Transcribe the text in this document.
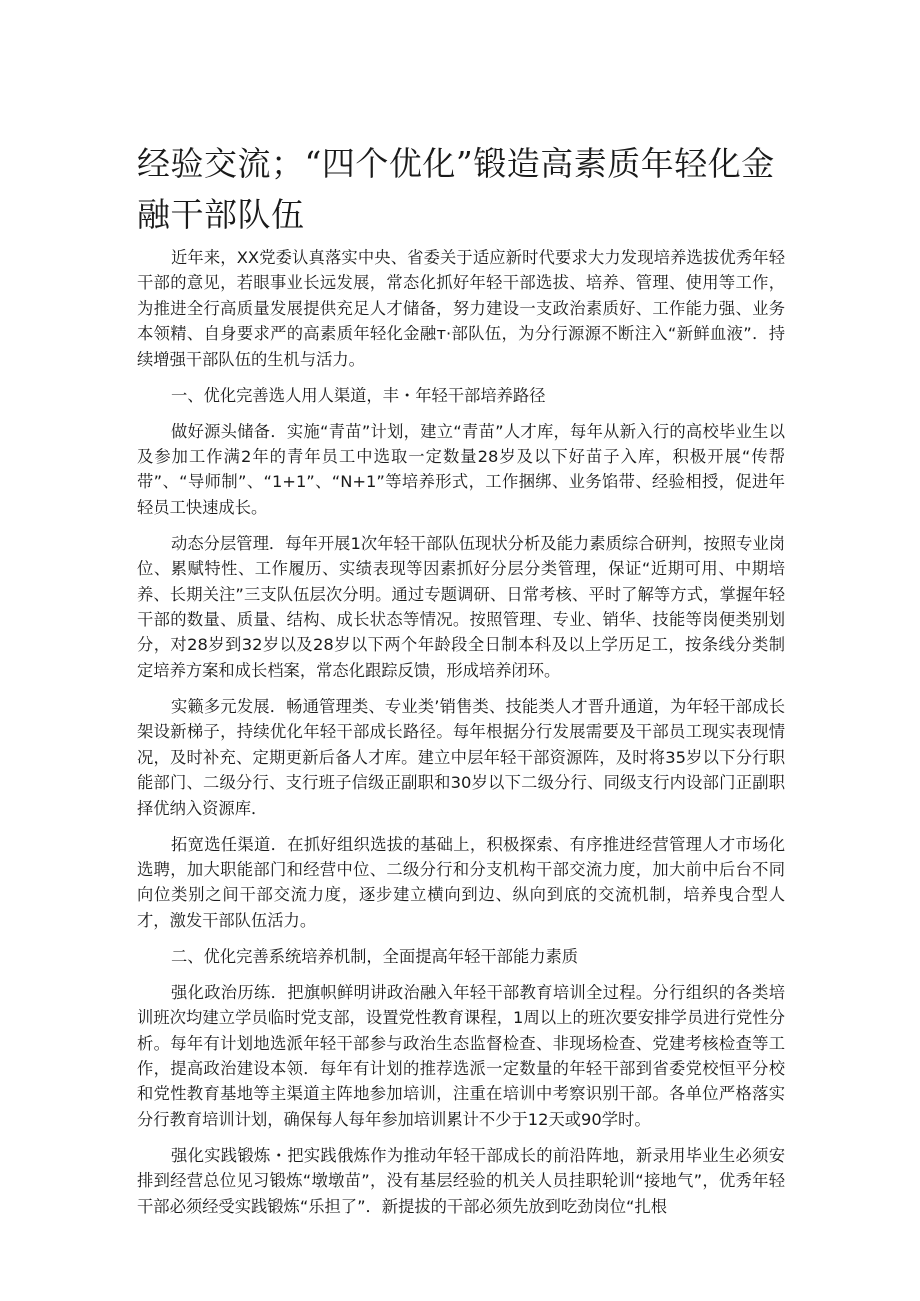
经验交流；“四个优化”锻造高素质年轻化金融干部队伍

近年来，XX党委认真落实中央、省委关于适应新时代要求大力发现培养选拔优秀年轻干部的意见，若眼事业长远发展，常态化抓好年轻干部选拔、培养、管理、使用等工作，为推进全行高质量发展提供充足人才储备，努力建设一支政治素质好、工作能力强、业务本领精、自身要求严的高素质年轻化金融т·部队伍，为分行源源不断注入“新鲜血液”．持续增强干部队伍的生机与活力。

一、优化完善选人用人渠道，丰・年轻干部培养路径

做好源头储备．实施“青苗”计划，建立“青苗”人才库，每年从新入行的高校毕业生以及参加工作满2年的青年员工中选取一定数量28岁及以下好苗子入库，积极开展“传帮带”、“导师制”、“1+1”、“N+1”等培养形式，工作捆绑、业务馅带、经验相授，促进年轻员工快速成长。

动态分层管理．每年开展1次年轻干部队伍现状分析及能力素质综合研判，按照专业岗位、累赋特性、工作履历、实绩表现等因素抓好分层分类管理，保证“近期可用、中期培养、长期关注”三支队伍层次分明。通过专题调研、日常考核、平时了解等方式，掌握年轻干部的数量、质量、结构、成长状态等情况。按照管理、专业、销华、技能等岗便类别划分，对28岁到32岁以及28岁以下两个年龄段全日制本科及以上学历足工，按条线分类制定培养方案和成长档案，常态化跟踪反馈，形成培养闭环。

实籁多元发展．畅通管理类、专业类’销售类、技能类人才晋升通道，为年轻干部成长架设新梯子，持续优化年轻干部成长路径。每年根据分行发展需要及干部员工现实表现情况，及时补充、定期更新后备人才库。建立中层年轻干部资源阵，及时将35岁以下分行职能部门、二级分行、支行班子信级正副职和30岁以下二级分行、同级支行内设部门正副职择优纳入资源库．

拓宽选任渠道．在抓好组织选拔的基础上，积极探索、有序推进经营管理人才市场化选聘，加大职能部门和经营中位、二级分行和分支机构干部交流力度，加大前中后台不同向位类别之间干部交流力度，逐步建立横向到边、纵向到底的交流机制，培养曳合型人才，激发干部队伍活力。

二、优化完善系统培养机制，全面提高年轻干部能力素质

强化政治历练．把旗帜鲜明讲政治融入年轻干部教育培训全过程。分行组织的各类培训班次均建立学员临时党支部，设置党性教育课程，1周以上的班次要安排学员进行党性分析。每年有计划地选派年轻干部参与政治生态监督检查、非现场检查、党建考核检查等工作，提高政治建设本领．每年有计划的推荐选派一定数量的年轻干部到省委党校恒平分校和党性教育基地等主渠道主阵地参加培训，注重在培训中考察识别干部。各单位严格落实分行教育培训计划，确保每人每年参加培训累计不少于12天或90学时。

强化实践锻炼・把实践俄炼作为推动年轻干部成长的前沿阵地，新录用毕业生必须安排到经营总位见习锻炼“墩墩苗”，没有基层经验的机关人员挂职轮训“接地气”，优秀年轻干部必须经受实践锻炼“乐担了”．新提拔的干部必须先放到吃劲岗位“扎根
